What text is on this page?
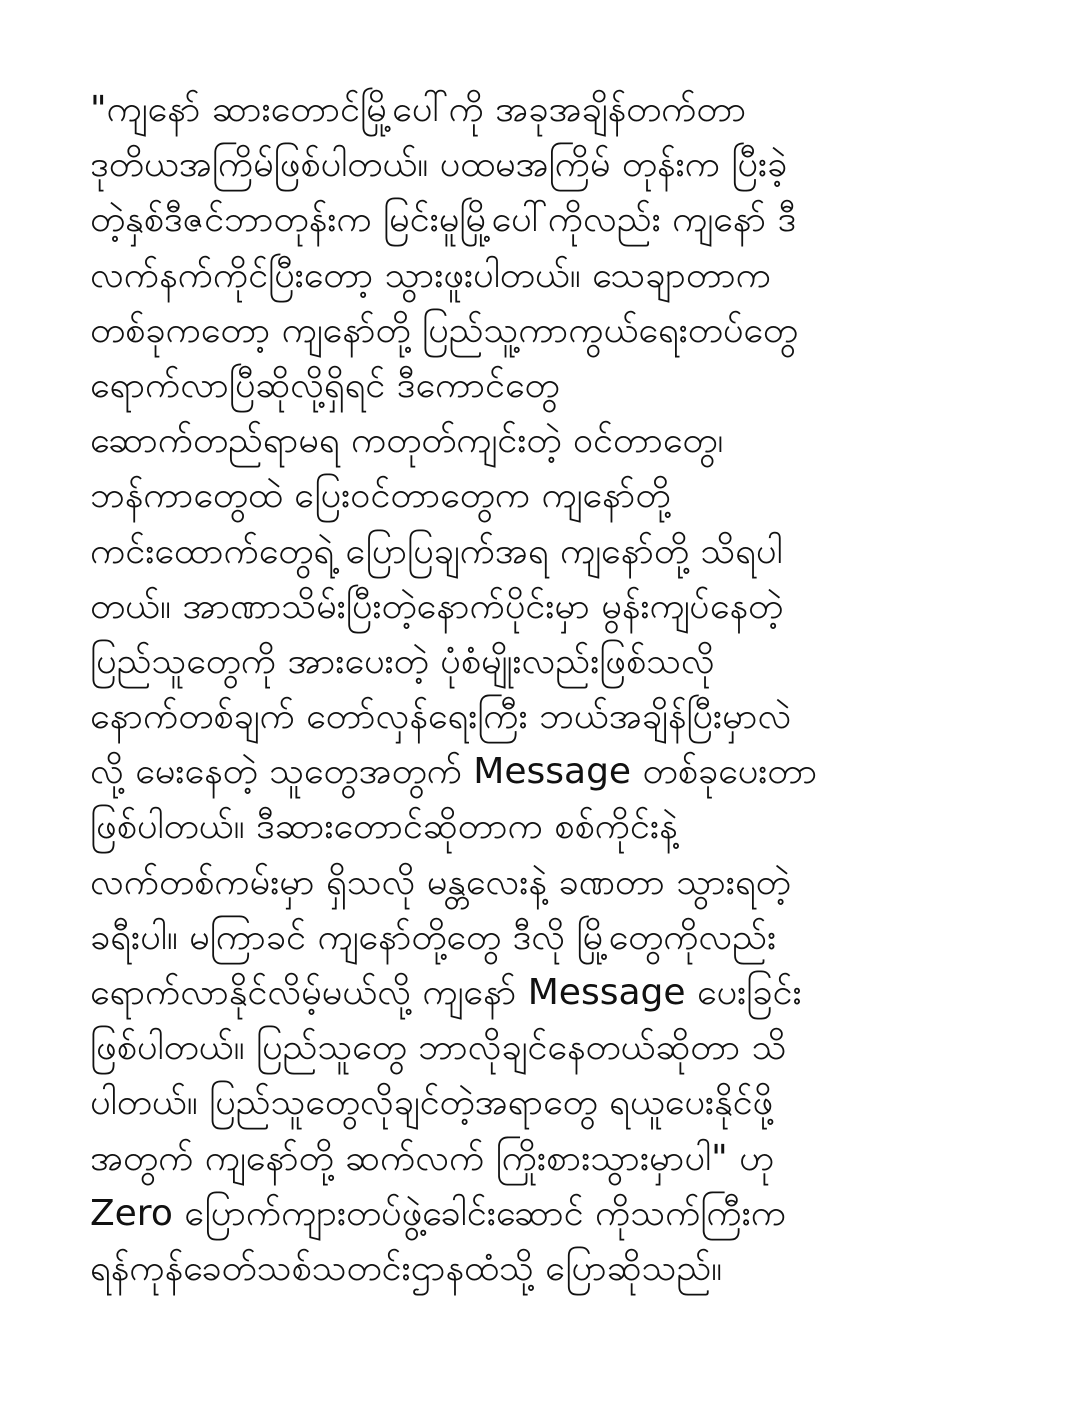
"ကျနော် ဆားတောင်မြို့ပေါ်ကို အခုအချိန်တက်တာ
ဒုတိယအကြိမ်ဖြစ်ပါတယ်။ ပထမအကြိမ် တုန်းက ပြီးခဲ့
တဲ့နှစ်ဒီဇင်ဘာတုန်းက မြင်းမူမြို့ပေါ်ကိုလည်း ကျနော် ဒီ
လက်နက်ကိုင်ပြီးတော့ သွားဖူးပါတယ်။ သေချာတာက
တစ်ခုကတော့ ကျနော်တို့ ပြည်သူ့ကာကွယ်ရေးတပ်တွေ
ရောက်လာပြီဆိုလို့ရှိရင် ဒီကောင်တွေ
ဆောက်တည်ရာမရ ကတုတ်ကျင်းတဲ့ ဝင်တာတွေ၊
ဘန်ကာတွေထဲ ပြေးဝင်တာတွေက ကျနော်တို့
ကင်းထောက်တွေရဲ့ ပြောပြချက်အရ ကျနော်တို့ သိရပါ
တယ်။ အာဏာသိမ်းပြီးတဲ့နောက်ပိုင်းမှာ မွန်းကျပ်နေတဲ့
ပြည်သူတွေကို အားပေးတဲ့ ပုံစံမျိုးလည်းဖြစ်သလို
နောက်တစ်ချက် တော်လှန်ရေးကြီး ဘယ်အချိန်ပြီးမှာလဲ
လို့ မေးနေတဲ့ သူတွေအတွက် Message တစ်ခုပေးတာ
ဖြစ်ပါတယ်။ ဒီဆားတောင်ဆိုတာက စစ်ကိုင်းနဲ့
လက်တစ်ကမ်းမှာ ရှိသလို မန္တလေးနဲ့ ခဏတာ သွားရတဲ့
ခရီးပါ။ မကြာခင် ကျနော်တို့တွေ ဒီလို မြို့တွေကိုလည်း
ရောက်လာနိုင်လိမ့်မယ်လို့ ကျနော် Message ပေးခြင်း
ဖြစ်ပါတယ်။ ပြည်သူတွေ ဘာလိုချင်နေတယ်ဆိုတာ သိ
ပါတယ်။ ပြည်သူတွေလိုချင်တဲ့အရာတွေ ရယူပေးနိုင်ဖို့
အတွက် ကျနော်တို့ ဆက်လက် ကြိုးစားသွားမှာပါ" ဟု
Zero ပြောက်ကျားတပ်ဖွဲ့ခေါင်းဆောင် ကိုသက်ကြီးက
ရန်ကုန်ခေတ်သစ်သတင်းဌာနထံသို့ ပြောဆိုသည်။
